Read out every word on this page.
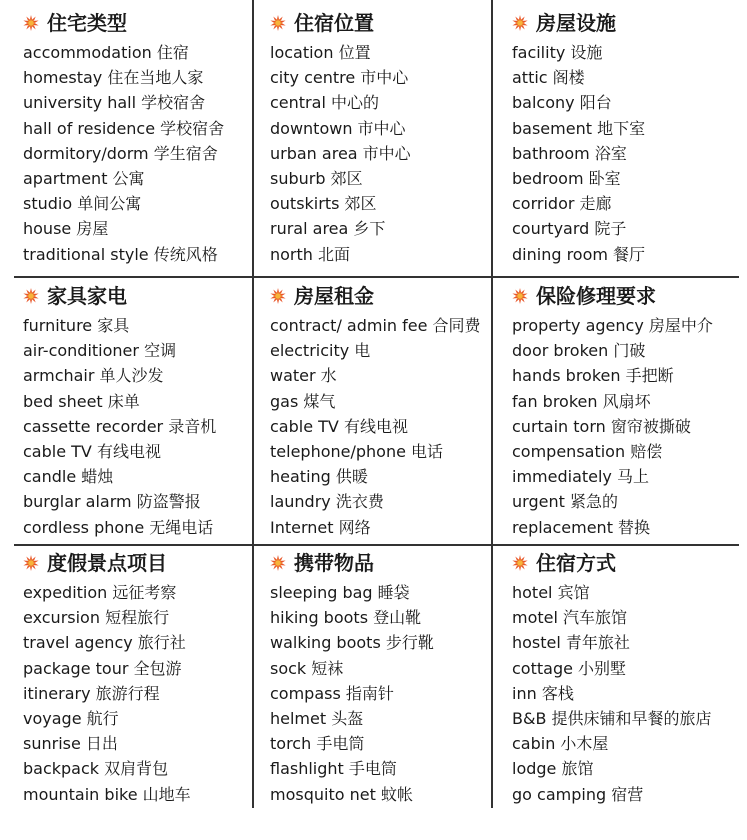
住宅类型
accommodation 住宿
homestay 住在当地人家
university hall 学校宿舍
hall of residence 学校宿舍
dormitory/dorm 学生宿舍
apartment 公寓
studio 单间公寓
house 房屋
traditional style 传统风格
住宿位置
location 位置
city centre 市中心
central 中心的
downtown 市中心
urban area 市中心
suburb 郊区
outskirts 郊区
rural area 乡下
north 北面
房屋设施
facility 设施
attic 阁楼
balcony 阳台
basement 地下室
bathroom 浴室
bedroom 卧室
corridor 走廊
courtyard 院子
dining room 餐厅
家具家电
furniture 家具
air-conditioner 空调
armchair 单人沙发
bed sheet 床单
cassette recorder 录音机
cable TV 有线电视
candle 蜡烛
burglar alarm 防盗警报
cordless phone 无绳电话
房屋租金
contract/ admin fee 合同费
electricity 电
water 水
gas 煤气
cable TV 有线电视
telephone/phone 电话
heating 供暖
laundry 洗衣费
Internet 网络
保险修理要求
property agency 房屋中介
door broken 门破
hands broken 手把断
fan broken 风扇坏
curtain torn 窗帘被撕破
compensation 赔偿
immediately 马上
urgent 紧急的
replacement 替换
度假景点项目
expedition 远征考察
excursion 短程旅行
travel agency 旅行社
package tour 全包游
itinerary 旅游行程
voyage 航行
sunrise 日出
backpack 双肩背包
mountain bike 山地车
携带物品
sleeping bag 睡袋
hiking boots 登山靴
walking boots 步行靴
sock 短袜
compass 指南针
helmet 头盔
torch 手电筒
flashlight 手电筒
mosquito net 蚊帐
住宿方式
hotel 宾馆
motel 汽车旅馆
hostel 青年旅社
cottage 小别墅
inn 客栈
B&B 提供床铺和早餐的旅店
cabin 小木屋
lodge 旅馆
go camping 宿营
